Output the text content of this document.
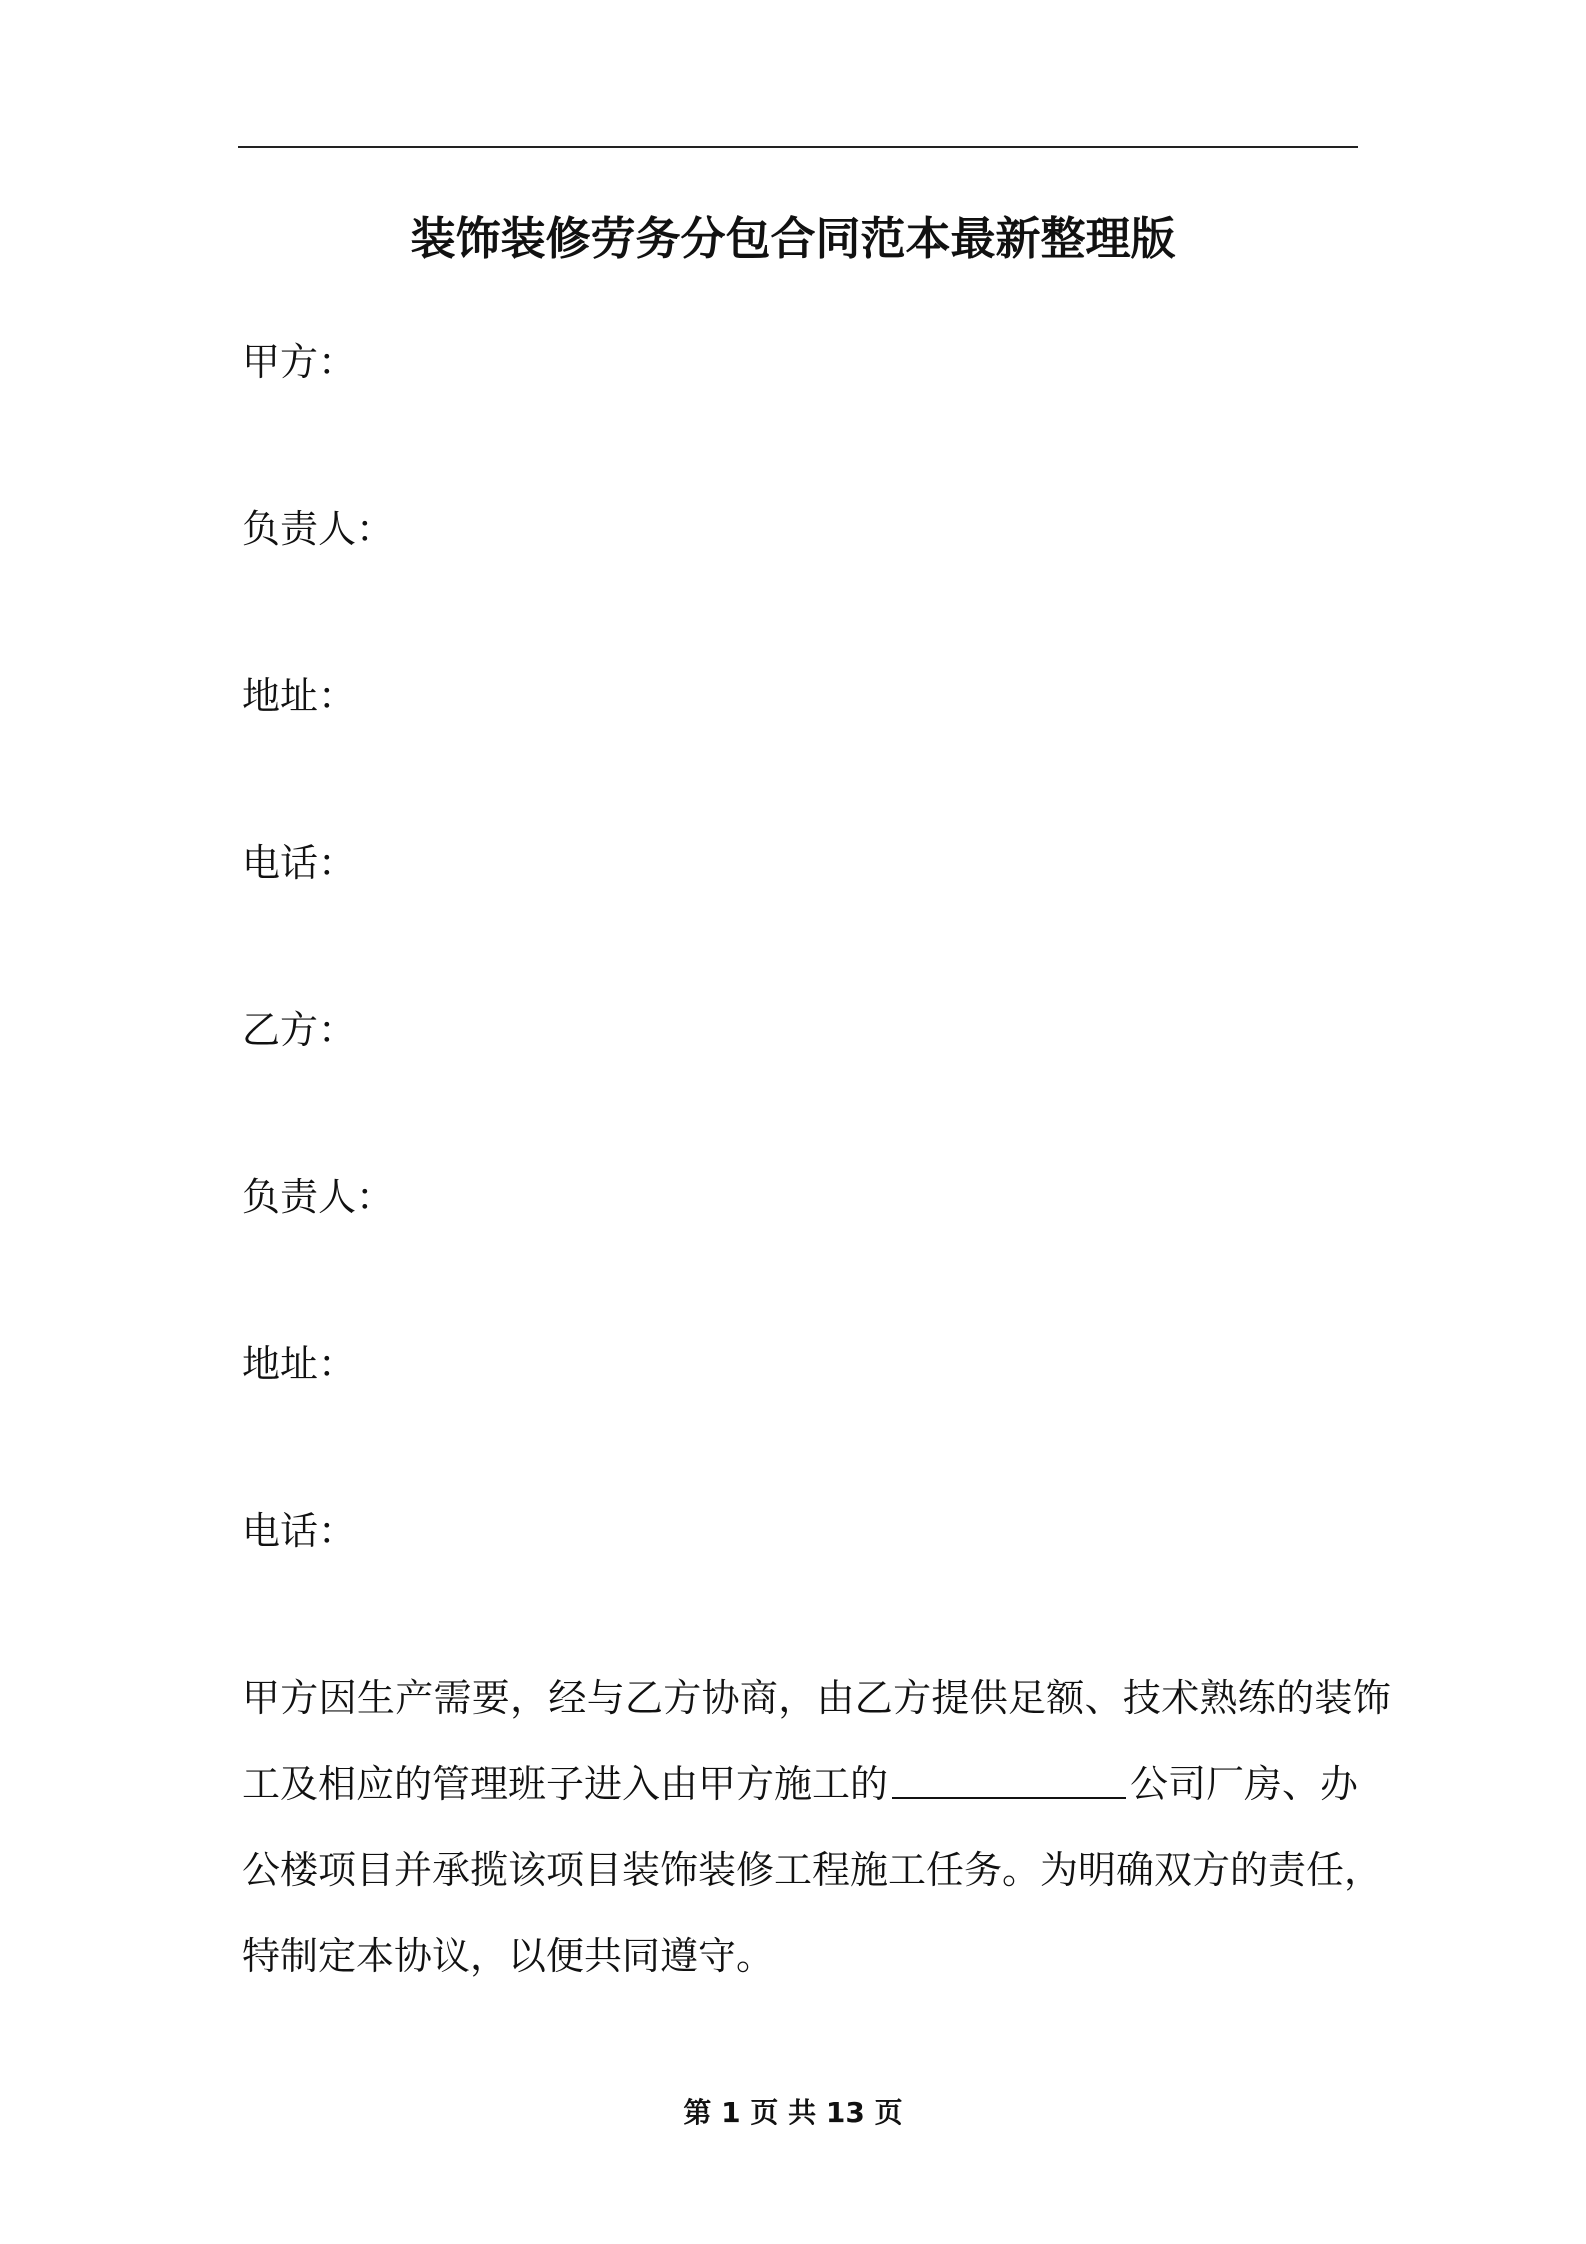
装饰装修劳务分包合同范本最新整理版
甲方：
负责人：
地址：
电话：
乙方：
负责人：
地址：
电话：
甲方因生产需要，经与乙方协商，由乙方提供足额、技术熟练的装饰
工及相应的管理班子进入由甲方施工的	公司厂房、办
公楼项目并承揽该项目装饰装修工程施工任务。为明确双方的责任，
特制定本协议，以便共同遵守。
第 1 页 共 13 页
